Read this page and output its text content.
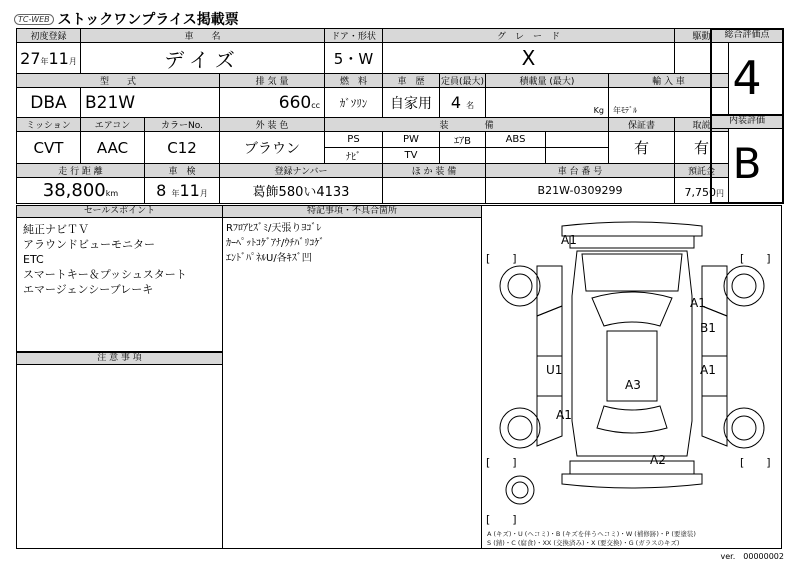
TC-WEB ストックワンプライス掲載票
初度登録	車　　名			ドア・形状	グ　レ　ー　ド					駆動
27年11月	デイズ			5・W	X					
型　　式			排 気 量	燃　料	車　歴	定員(最大)	積載量 (最大)		輸 入 車	
DBA	B21W		660cc	ｶﾞｿﾘﾝ	自家用	4 名	Kg		年ﾓﾃﾞﾙ	
ミッション	エアコン	カラーNo.	外 装 色	装　　　　備					保証書	取説
CVT	AAC	C12	ブラウン	PS	PW	ｴｱB	ABS		有	有
				ﾅﾋﾞ	TV					
走 行 距 離		車　検	登録ナンバー		ほ か 装 備		車 台 番 号			預託金
38,800km		8 年11月	葛飾580い4133				B21W-0309299			7,750円
総合評価点
4
内装評価
B
セールスポイント
純正ナビＴＶ
アラウンドビューモニター
ETC
スマートキー＆プッシュスタート
エマージェンシーブレーキ
注 意 事 項
特記事項・不具合箇所
Rﾌﾛｱﾋｽﾞﾐ/天張りﾖｺﾞﾚ
ｶｰﾍﾟｯﾄｺｹﾞｱﾅ/ｳﾁﾊﾞﾘｺｹﾞ
ｴﾝﾄﾞﾊﾟﾈﾙU/各ｷｽﾞ凹	[　　]	[　　]
[　　]	[　　]
[　　]
A1
A1
B1
U1
A3
A1
A1
A2
A (キズ)・U (ヘコミ)・B (キズを伴うヘコミ)・W (補修跡)・P (要塗装)
S (錆)・C (腐食)・XX (交換済み)・X (要交換)・G (ガラスのキズ)
ver.　00000002
